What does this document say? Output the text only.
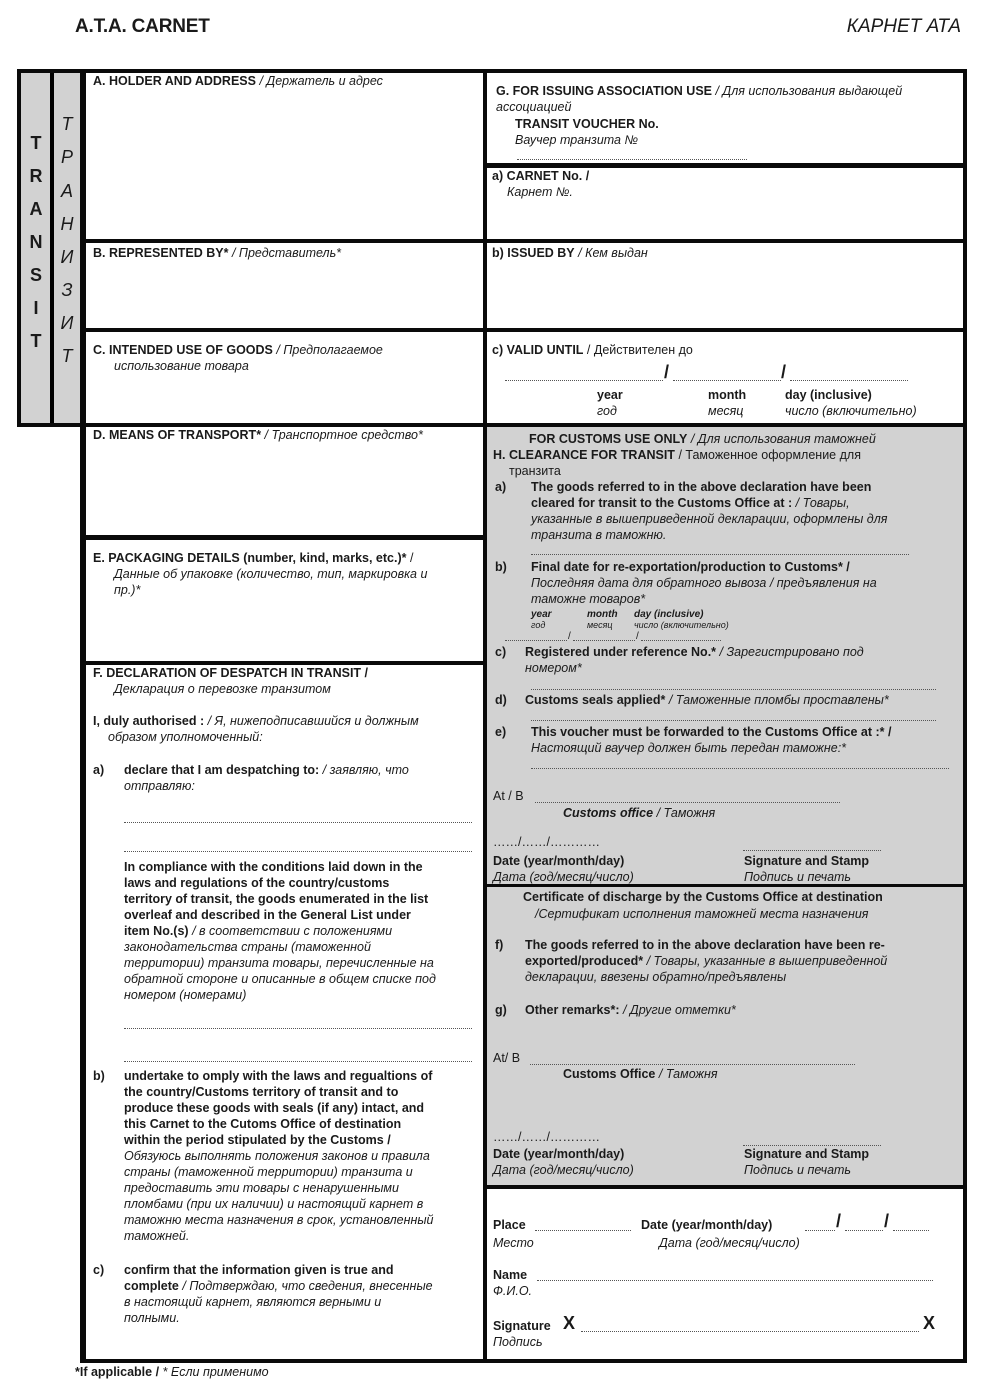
A.T.A. CARNET	КАРНЕТ АТА
T
R
A
N
S
I
T
Т
Р
А
Н
И
З
И
Т
A. HOLDER AND ADDRESS / Держатель и адрес
B. REPRESENTED BY* / Представитель*
C. INTENDED USE OF GOODS / Предполагаемое
использование товара
D. MEANS OF TRANSPORT* / Транспортное средство*
E. PACKAGING DETAILS (number, kind, marks, etc.)* /
Данные об упаковке (количество, тип, маркировка и
пр.)*
F. DECLARATION OF DESPATCH IN TRANSIT /
Декларация о перевозке транзитом
I, duly authorised : / Я, нижеподписавшийся и должным
образом уполномоченный:
a) declare that I am despatching to: / заявляю, что
отправляю:
In compliance with the conditions laid down in the
laws and regulations of the country/customs
territory of transit, the goods enumerated in the list
overleaf and described in the General List under
item No.(s) / в соответствии с положениями
законодательства страны (таможенной
территории) транзита товары, перечисленные на
обратной стороне и описанные в общем списке под
номером (номерами)
b) undertake to omply with the laws and regualtions of
the country/Customs territory of transit and to
produce these goods with seals (if any) intact, and
this Carnet to the Cutoms Office of destination
within the period stipulated by the Customs /
Обязуюсь выполнять положения законов и правила
страны (таможенной территории) транзита и
предоставить эти товары с ненарушенными
пломбами (при их наличии) и настоящий карнет в
таможню места назначения в срок, установленный
таможней.
c) confirm that the information given is true and
complete / Подтверждаю, что сведения, внесенные
в настоящий карнет, являются верными и
полными.
G. FOR ISSUING ASSOCIATION USE / Для использования выдающей
ассоциацией
TRANSIT VOUCHER No.
Ваучер транзита №
a) CARNET No. /
Карнет №.
b) ISSUED BY / Кем выдан
c) VALID UNTIL / Действителен до
/	/
year
год
month
месяц
day (inclusive)
число (включительно)
FOR CUSTOMS USE ONLY / Для использования таможней
H. CLEARANCE FOR TRANSIT / Таможенное оформление для
транзита
a) The goods referred to in the above declaration have been
cleared for transit to the Customs Office at : / Товары,
указанные в вышеприведенной декларации, оформлены для
транзита в таможню.
b) Final date for re-exportation/production to Customs* /
Последняя дата для обратного вывоза / предъявления на
таможне товаров*
year
год
month
месяц
day (inclusive)
число (включительно)
/	/
c) Registered under reference No.* / Зарегистрировано под
номером*
d) Customs seals applied* / Таможенные пломбы проставлены*
e) This voucher must be forwarded to the Customs Office at :* /
Настоящий ваучер должен быть передан таможне:*
At / B
Customs office / Таможня
……/……/…………
Date (year/month/day)
Дата (год/месяц/число)
Signature and Stamp
Подпись и печать
Certificate of discharge by the Customs Office at destination
/Сертификат исполнения таможней места назначения
f) The goods referred to in the above declaration have been re-
exported/produced* / Товары, указанные в вышеприведенной
декларации, ввезены обратно/предъявлены
g) Other remarks*: / Другие отметки*
At/ B
Customs Office / Таможня
……/……/…………
Date (year/month/day)
Дата (год/месяц/число)
Signature and Stamp
Подпись и печать
Place	Date (year/month/day)	/ /
Место	Дата (год/месяц/число)
Name
Ф.И.О.
Signature X	X
Подпись
*If applicable / * Если применимо
